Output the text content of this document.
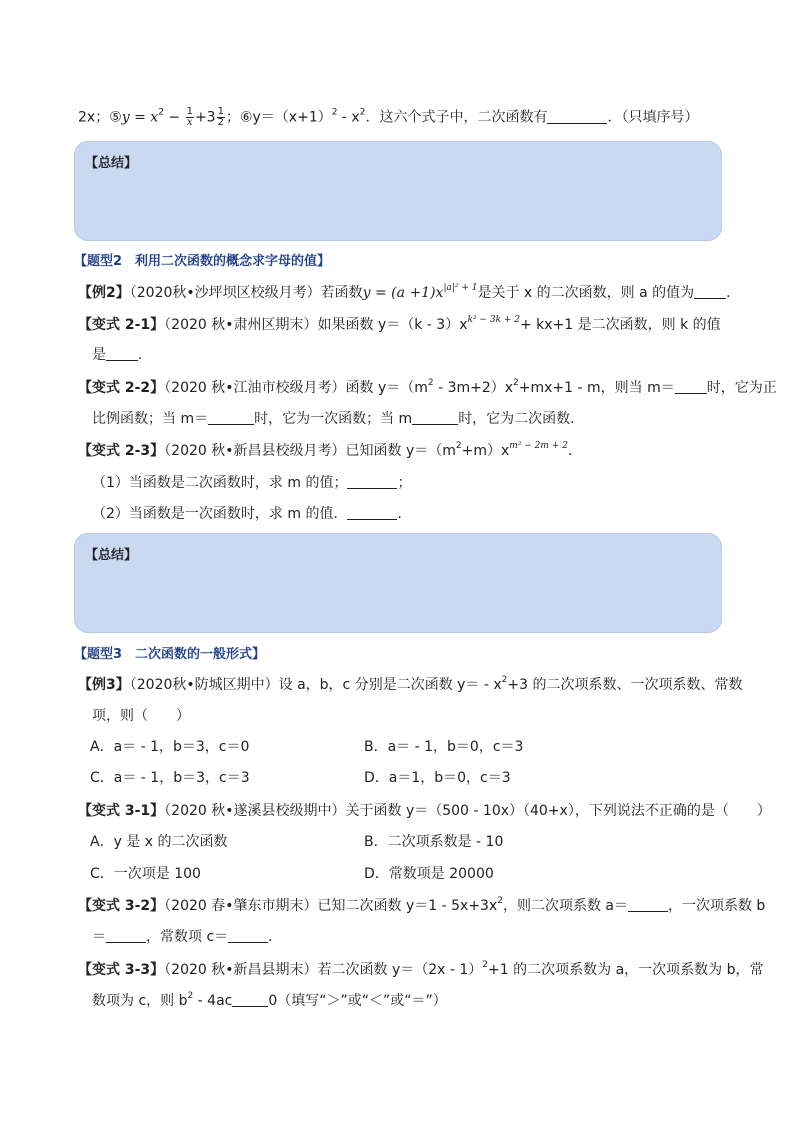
2x；⑤y = $x^2 - \frac{1}{x} +3 \frac{1}{2}$ ；$⑥y=(x+1)^2 - x^2$．这六个式子中，二次函数有	．（只填序号）
【总结】
【题型2　利用二次函数的概念求字母的值】
【例2】（2020秋•沙坪坝区校级月考）若函数$y = (a +1)x^{|a|^2 + 1}$是关于 x 的二次函数，则 a 的值为 ．
【变式 2-1】（2020 秋•肃州区期末）如果函数 $y=(k - 3)x^{k^2 - 3k + 2}+ kx+1$ 是二次函数，则 k 的值
是 ．
【变式 2-2】（2020 秋•江油市校级月考）函数 $y=(m^2 - 3m+2)x^2+mx+1 - m$，则当 m＝ 时，它为正
比例函数；当 m＝	时，它为一次函数；当 m	时，它为二次函数．
【变式 2-3】（2020 秋•新昌县校级月考）已知函数 $y=(m^2+m)x^{m^2 - 2m + 2}$．
（1）当函数是二次函数时，求 m 的值；	；
（2）当函数是一次函数时，求 m 的值．	．
【总结】
【题型3　二次函数的一般形式】
【例3】（2020秋•防城区期中）设 a，b，c 分别是二次函数 $y= - x^2+3$ 的二次项系数、一次项系数、常数
项，则（　　）
A．a＝ - 1，b＝3，c＝0	B．a＝ - 1，b＝0，c＝3
C．a＝ - 1，b＝3，c＝3	D．a＝1，b＝0，c＝3
【变式 3-1】（2020 秋•遂溪县校级期中）关于函数 y＝（500 - 10x）（40+x），下列说法不正确的是（　　）
A．y 是 x 的二次函数	B．二次项系数是 - 10
C．一次项是 100	D．常数项是 20000
【变式 3-2】（2020 春•肇东市期末）已知二次函数 $y=1 - 5x+3x^2$，则二次项系数 a＝	，一次项系数 b
＝	，常数项 c＝	．
【变式 3-3】（2020 秋•新昌县期末）若二次函数 y＝（2x - 1）$^2$+1 的二次项系数为 a，一次项系数为 b，常
数项为 c，则 $b^2 - 4ac$	0（填写“＞”或“＜”或“＝”）
